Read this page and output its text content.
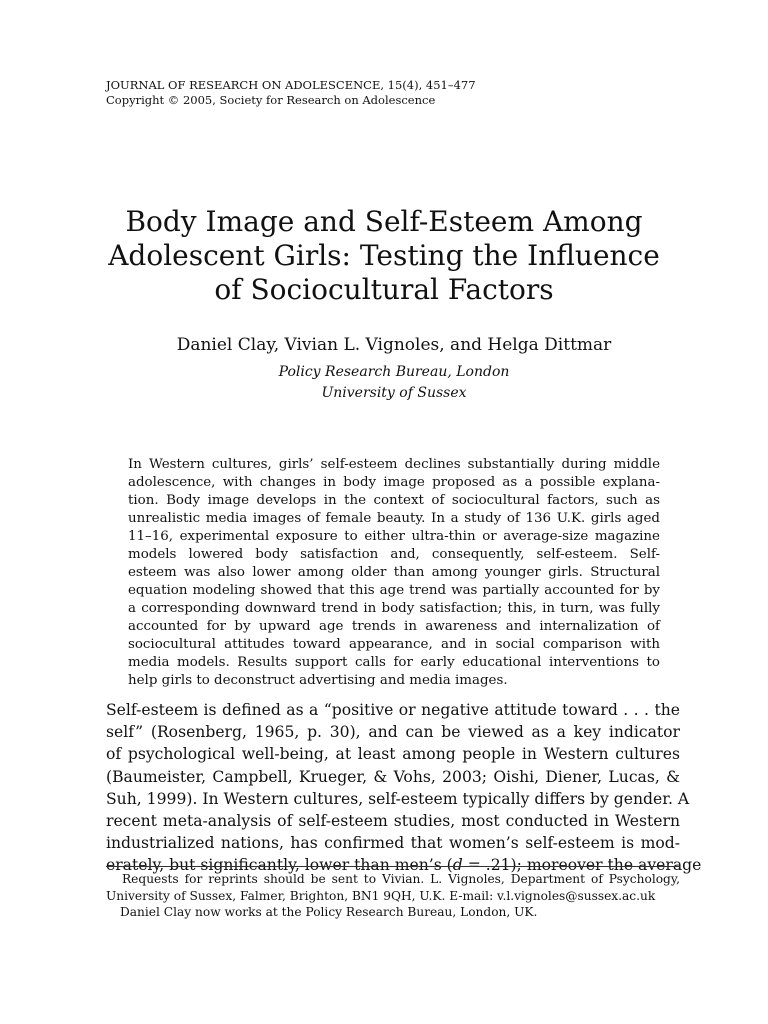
JOURNAL OF RESEARCH ON ADOLESCENCE, 15(4), 451–477
Copyright © 2005, Society for Research on Adolescence
Body Image and Self-Esteem Among
Adolescent Girls: Testing the Influence
of Sociocultural Factors
Daniel Clay, Vivian L. Vignoles, and Helga Dittmar
Policy Research Bureau, London
University of Sussex
In Western cultures, girls’ self-esteem declines substantially during middle
adolescence, with changes in body image proposed as a possible explana-
tion. Body image develops in the context of sociocultural factors, such as
unrealistic media images of female beauty. In a study of 136 U.K. girls aged
11–16, experimental exposure to either ultra-thin or average-size magazine
models lowered body satisfaction and, consequently, self-esteem. Self-
esteem was also lower among older than among younger girls. Structural
equation modeling showed that this age trend was partially accounted for by
a corresponding downward trend in body satisfaction; this, in turn, was fully
accounted for by upward age trends in awareness and internalization of
sociocultural attitudes toward appearance, and in social comparison with
media models. Results support calls for early educational interventions to
help girls to deconstruct advertising and media images.
Self-esteem is defined as a “positive or negative attitude toward . . . the
self” (Rosenberg, 1965, p. 30), and can be viewed as a key indicator
of psychological well-being, at least among people in Western cultures
(Baumeister, Campbell, Krueger, & Vohs, 2003; Oishi, Diener, Lucas, &
Suh, 1999). In Western cultures, self-esteem typically differs by gender. A
recent meta-analysis of self-esteem studies, most conducted in Western
industrialized nations, has confirmed that women’s self-esteem is mod-
erately, but significantly, lower than men’s (d = .21); moreover the average
Requests for reprints should be sent to Vivian. L. Vignoles, Department of Psychology,
University of Sussex, Falmer, Brighton, BN1 9QH, U.K. E-mail: v.l.vignoles@sussex.ac.uk
Daniel Clay now works at the Policy Research Bureau, London, UK.
